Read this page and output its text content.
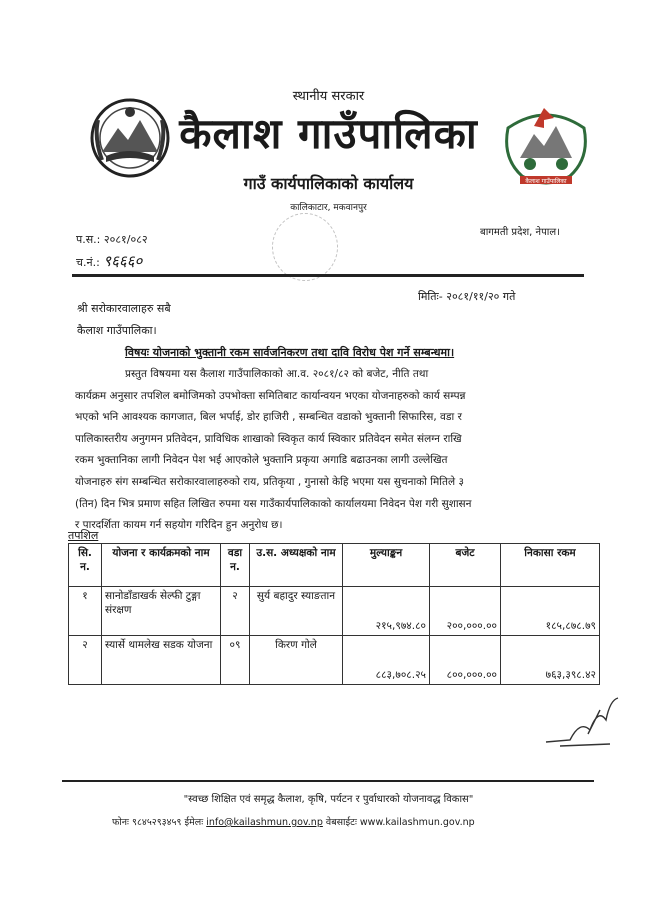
कैलाश गाउँपालिका
स्थानीय सरकार
कैलाश गाउँपालिका
गाउँ कार्यपालिकाको कार्यालय
कालिकाटार, मकवानपुर
बागमती प्रदेश, नेपाल।
प.स.: २०८१/०८२
च.नं.: ९६६६०
मितिः- २०८१/११/२० गते
श्री सरोकारवालाहरु सबै
कैलाश गाउँपालिका।
विषयः योजनाको भुक्तानी रकम सार्वजनिकरण तथा दावि विरोध पेश गर्ने सम्बन्धमा।
प्रस्तुत विषयमा यस कैलाश गाउँपालिकाको आ.व. २०८१/८२ को बजेट, नीति तथा
कार्यक्रम अनुसार तपशिल बमोजिमको उपभोक्ता समितिबाट कार्यान्वयन भएका योजनाहरुको कार्य सम्पन्न
भएको भनि आवश्यक कागजात, बिल भर्पाई, डोर हाजिरी , सम्बन्धित वडाको भुक्तानी सिफारिस, वडा र
पालिकास्तरीय अनुगमन प्रतिवेदन, प्राविधिक शाखाको स्विकृत कार्य स्विकार प्रतिवेदन समेत संलग्न राखि
रकम भुक्तानिका लागी निवेदन पेश भई आएकोले भुक्तानि प्रकृया अगाडि बढाउनका लागी उल्लेखित
योजनाहरु संग सम्बन्धित सरोकारवालाहरुको राय, प्रतिकृया , गुनासो केहि भएमा यस सुचनाको मितिले ३
(तिन) दिन भित्र प्रमाण सहित लिखित रुपमा यस गाउँकार्यपालिकाको कार्यालयमा निवेदन पेश गरी सुशासन
र पारदर्शिता कायम गर्न सहयोग गरिदिन हुन अनुरोध छ।
तपशिल
सि. न.	योजना र कार्यक्रमको नाम	वडा न.	उ.स. अध्यक्षको नाम	मुल्याङ्कन	बजेट	निकासा रकम
१	सानोडाँडाखर्क सेल्फी टुङ्गा संरक्षण	२	सुर्य बहादुर स्याङतान	२१५,९७४.८०	२००,०००.००	१८५,८७८.७९
२	स्यार्से थामलेख सडक योजना	०९	किरण गोले	८८३,७०८.२५	८००,०००.००	७६३,३९८.४२
"स्वच्छ शिक्षित एवं समृद्ध कैलाश, कृषि, पर्यटन र पुर्वाधारको योजनावद्ध विकास"
फोनः ९८४५२९३४५९ ईमेलः info@kailashmun.gov.np वेबसाईटः www.kailashmun.gov.np
